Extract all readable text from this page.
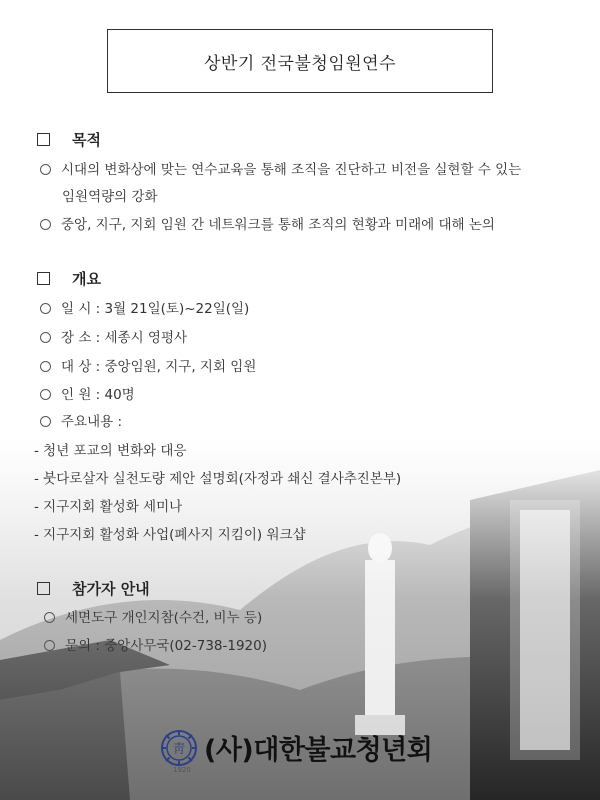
상반기 전국불청임원연수
목적
시대의 변화상에 맞는 연수교육을 통해 조직을 진단하고 비전을 실현할 수 있는
임원역량의 강화
중앙, 지구, 지회 임원 간 네트워크를 통해 조직의 현황과 미래에 대해 논의
개요
일 시 : 3월 21일(토)~22일(일)
장 소 : 세종시 영평사
대 상 : 중앙임원, 지구, 지회 임원
인 원 : 40명
주요내용 :
- 청년 포교의 변화와 대응
- 붓다로살자 실천도량 제안 설명회(자정과 쇄신 결사추진본부)
- 지구지회 활성화 세미나
- 지구지회 활성화 사업(폐사지 지킴이) 워크샵
참가자 안내
세면도구 개인지참(수건, 비누 등)
문의 : 중앙사무국(02-738-1920)
靑
1920
(사)대한불교청년회
